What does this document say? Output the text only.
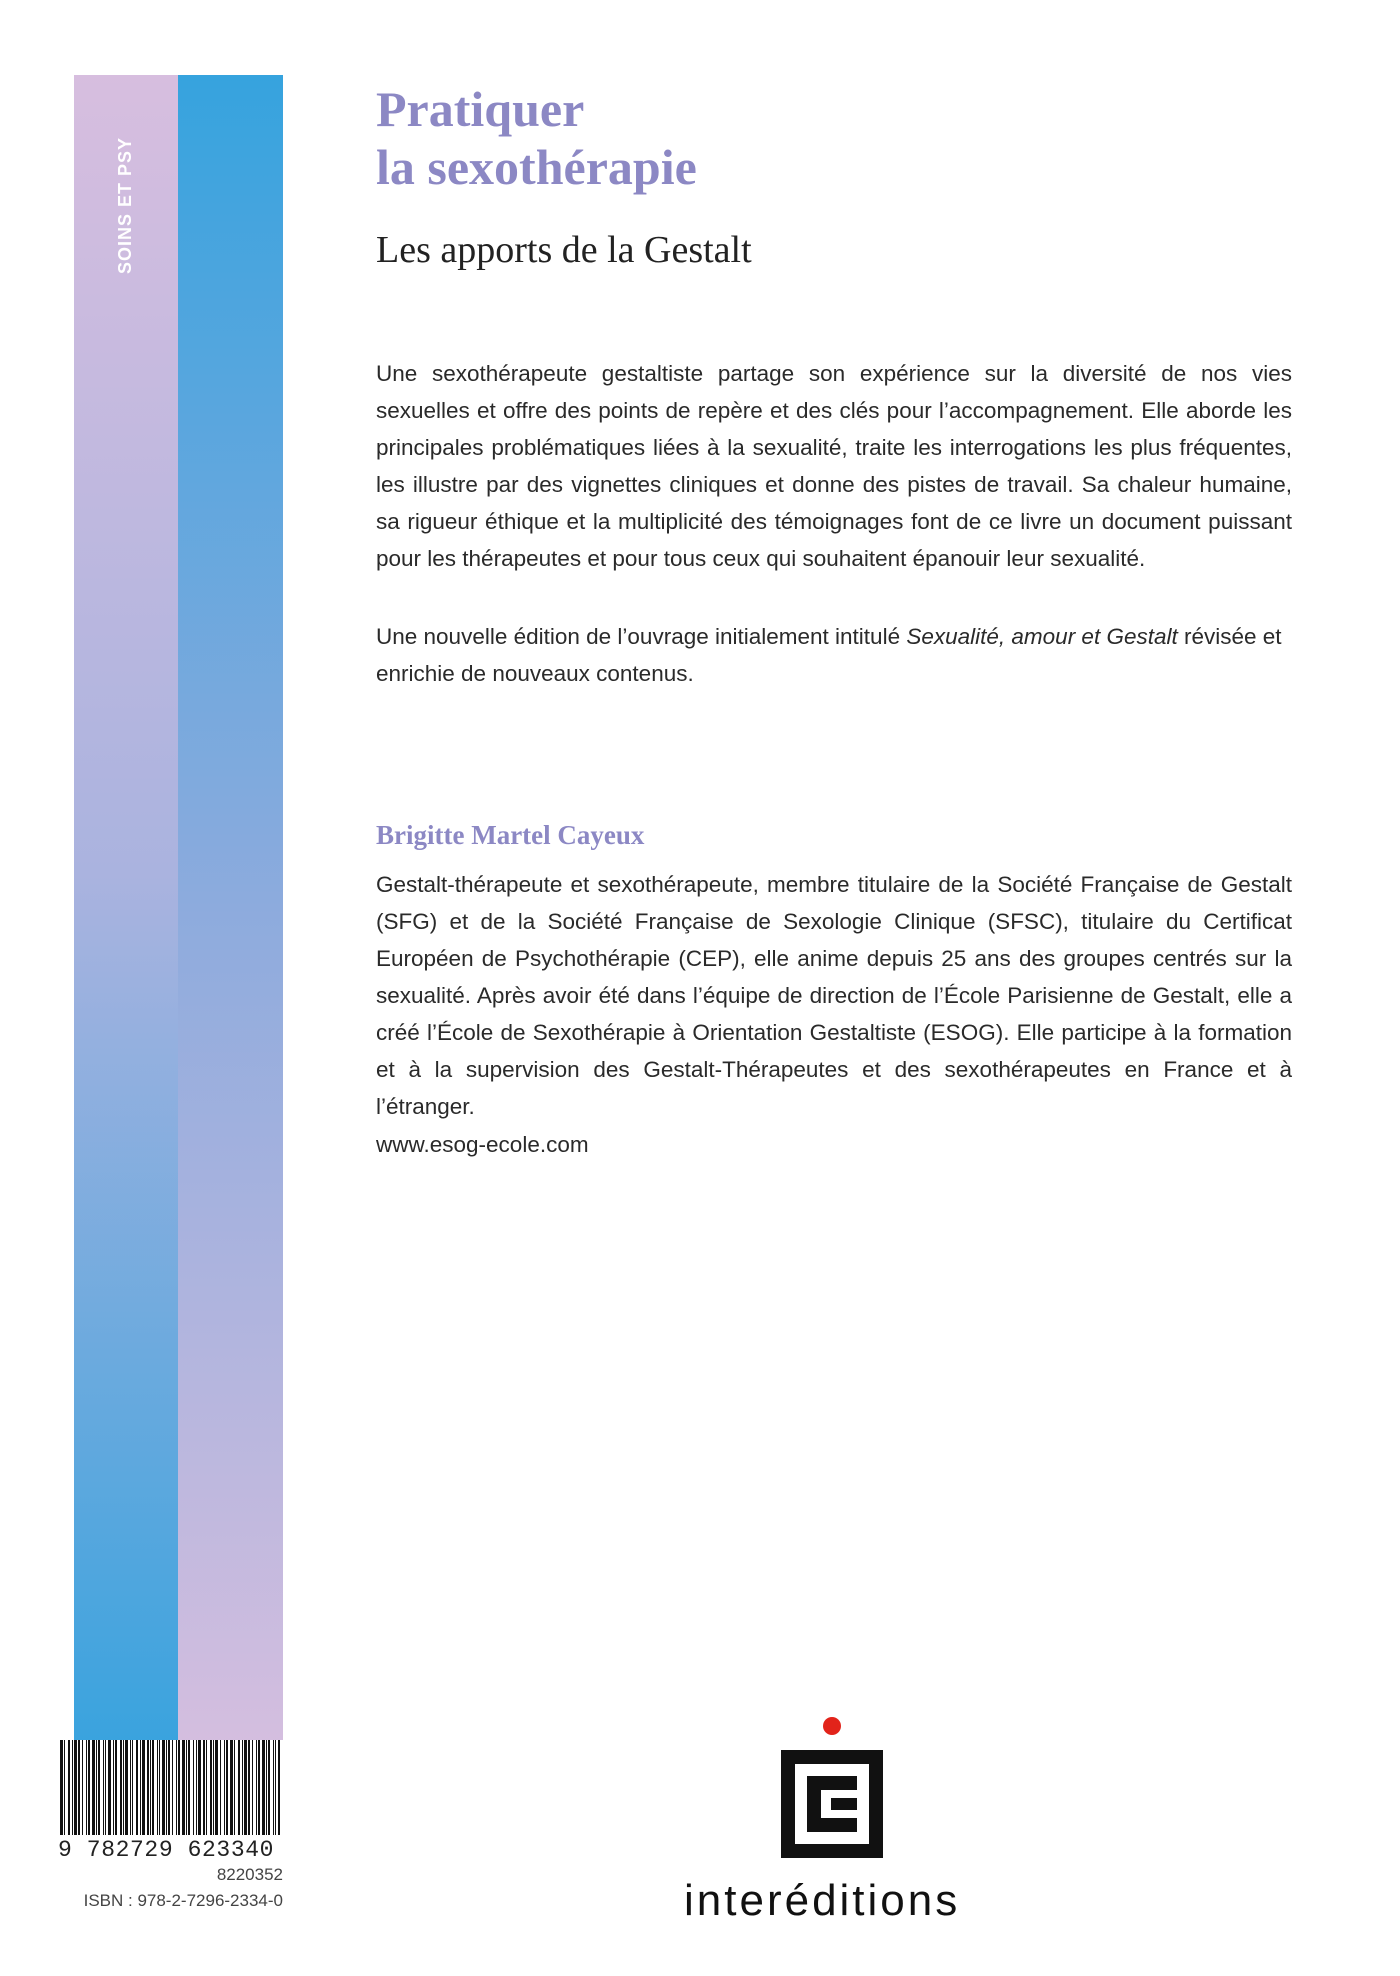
SOINS ET PSY
Pratiquer
la sexothérapie
Les apports de la Gestalt

Une sexothérapeute gestaltiste partage son expérience sur la diversité de nos vies sexuelles et offre des points de repère et des clés pour l’accompagnement. Elle aborde les principales problématiques liées à la sexualité, traite les interrogations les plus fréquentes, les illustre par des vignettes cliniques et donne des pistes de travail. Sa chaleur humaine, sa rigueur éthique et la multiplicité des témoignages font de ce livre un document puissant pour les thérapeutes et pour tous ceux qui souhaitent épanouir leur sexualité.

Une nouvelle édition de l’ouvrage initialement intitulé Sexualité, amour et Gestalt révisée et enrichie de nouveaux contenus.

Brigitte Martel Cayeux

Gestalt-thérapeute et sexothérapeute, membre titulaire de la Société Française de Gestalt (SFG) et de la Société Française de Sexologie Clinique (SFSC), titulaire du Certificat Européen de Psychothérapie (CEP), elle anime depuis 25 ans des groupes centrés sur la sexualité. Après avoir été dans l’équipe de direction de l’École Parisienne de Gestalt, elle a créé l’École de Sexothérapie à Orientation Gestaltiste (ESOG). Elle participe à la formation et à la supervision des Gestalt-Thérapeutes et des sexothérapeutes en France et à l’étranger.

www.esog-ecole.com
9 782729 623340
8220352
ISBN : 978-2-7296-2334-0	interéditions
